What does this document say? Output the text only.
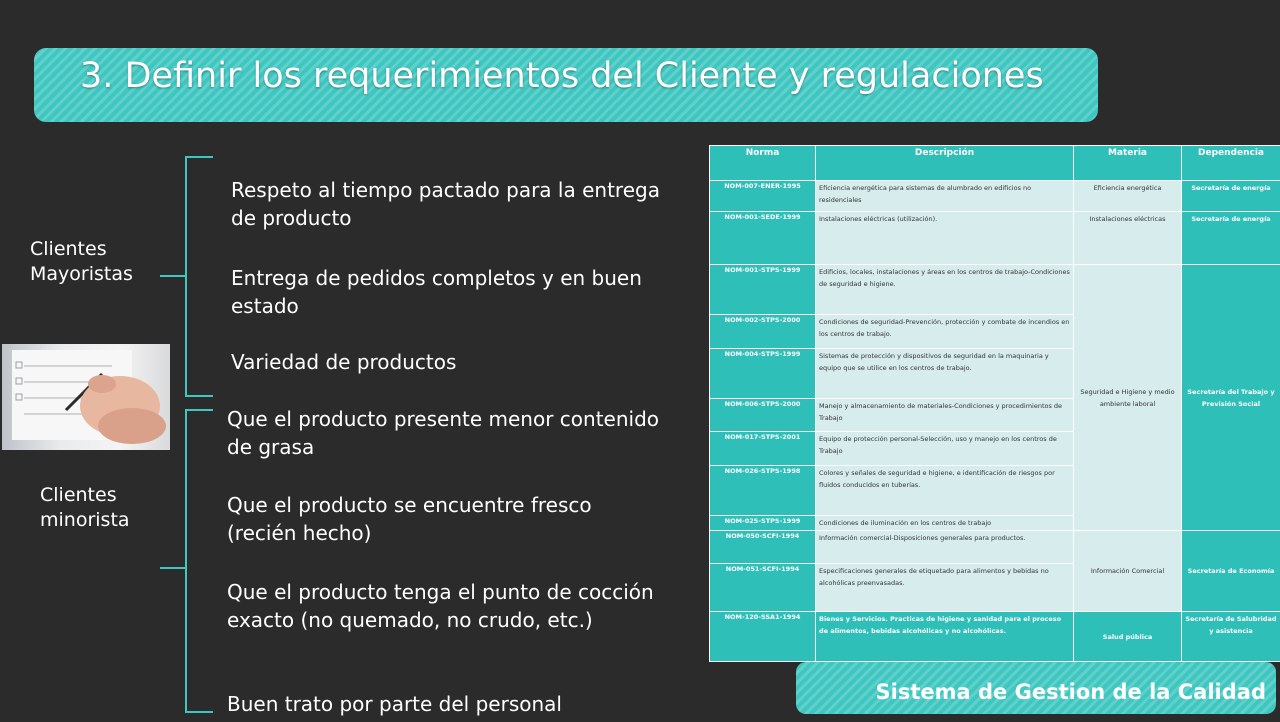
3. Definir los requerimientos del Cliente y regulaciones
Clientes Mayoristas
Respeto al tiempo pactado para la entrega de producto
Entrega de pedidos completos y en buen estado
Variedad de productos
Clientes minorista
Que el producto presente menor contenido de grasa
Que el producto se encuentre fresco (recién hecho)
Que el producto tenga el punto de cocción exacto (no quemado, no crudo, etc.)
Buen trato por parte del personal
Norma	Descripción	Materia	Dependencia
NOM-007-ENER-1995	Eficiencia energética para sistemas de alumbrado en edificios no residenciales	Eficiencia energética	Secretaría de energía
NOM-001-SEDE-1999	Instalaciones eléctricas (utilización).	Instalaciones eléctricas	Secretaría de energía
NOM-001-STPS-1999	Edificios, locales, instalaciones y áreas en los centros de trabajo-Condiciones de seguridad e higiene.	Seguridad e Higiene y medio ambiente laboral	Secretaría del Trabajo y Previsión Social
NOM-002-STPS-2000	Condiciones de seguridad-Prevención, protección y combate de incendios en los centros de trabajo.		
NOM-004-STPS-1999	Sistemas de protección y dispositivos de seguridad en la maquinaria y equipo que se utilice en los centros de trabajo.		
NOM-006-STPS-2000	Manejo y almacenamiento de materiales-Condiciones y procedimientos de Trabajo		
NOM-017-STPS-2001	Equipo de protección personal-Selección, uso y manejo en los centros de Trabajo		
NOM-026-STPS-1998	Colores y señales de seguridad e higiene, e identificación de riesgos por fluidos conducidos en tuberías.		
NOM-025-STPS-1999	Condiciones de iluminación en los centros de trabajo		
NOM-050-SCFI-1994	Información comercial-Disposiciones generales para productos.	Información Comercial	Secretaría de Economía
NOM-051-SCFI-1994	Especificaciones generales de etiquetado para alimentos y bebidas no alcohólicas preenvasadas.		
NOM-120-SSA1-1994	Bienes y Servicios. Practicas de higiene y sanidad para el proceso de alimentos, bebidas alcohólicas y no alcohólicas.	Salud pública	Secretaría de Salubridad y asistencia
Sistema de Gestion de la Calidad
